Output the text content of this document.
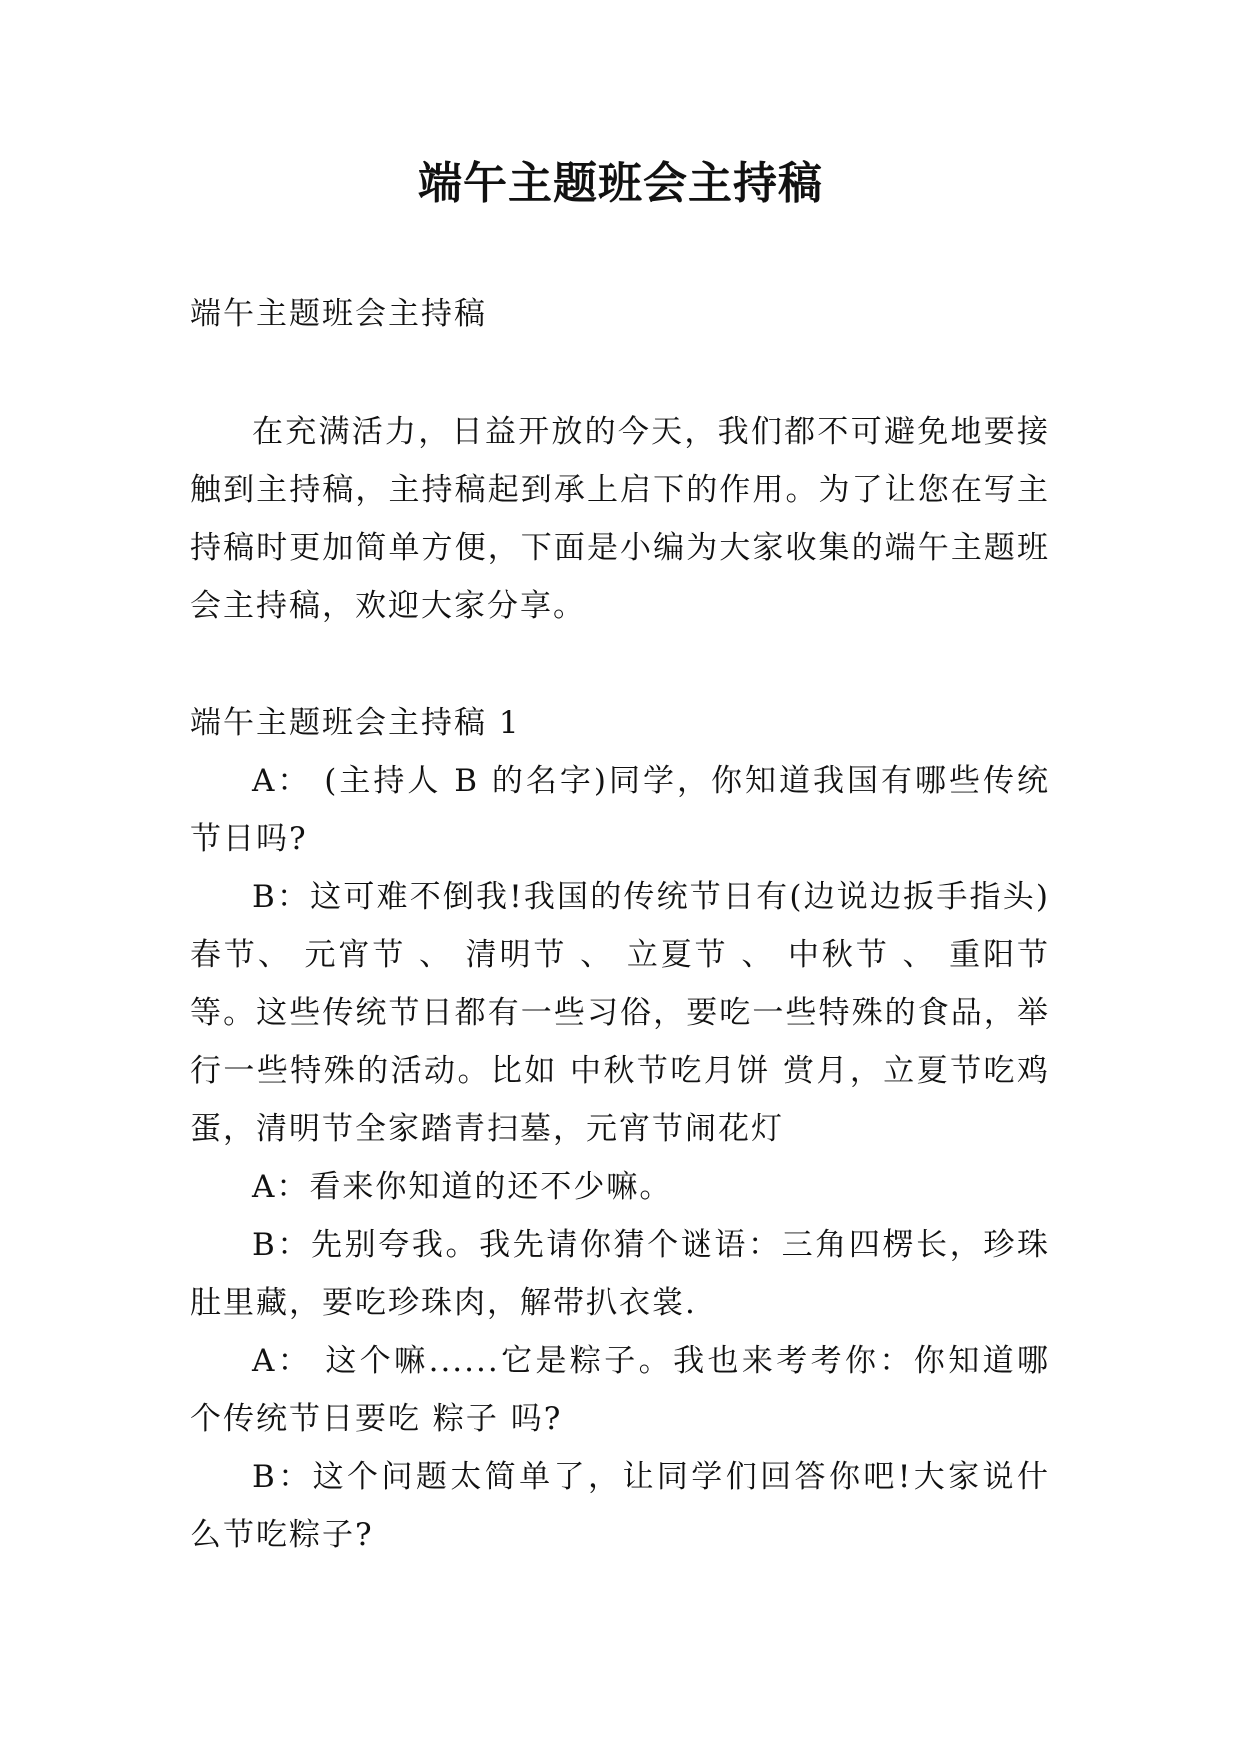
端午主题班会主持稿

端午主题班会主持稿

在充满活力，日益开放的今天，我们都不可避免地要接触到主持稿，主持稿起到承上启下的作用。为了让您在写主持稿时更加简单方便，下面是小编为大家收集的端午主题班会主持稿，欢迎大家分享。

端午主题班会主持稿 1

A： (主持人 B 的名字)同学，你知道我国有哪些传统节日吗?

B：这可难不倒我!我国的传统节日有(边说边扳手指头) 春节、 元宵节 、 清明节 、 立夏节 、 中秋节 、 重阳节 等。这些传统节日都有一些习俗，要吃一些特殊的食品，举行一些特殊的活动。比如 中秋节吃月饼 赏月，立夏节吃鸡蛋，清明节全家踏青扫墓，元宵节闹花灯

A：看来你知道的还不少嘛。

B：先别夸我。我先请你猜个谜语：三角四楞长，珍珠肚里藏，要吃珍珠肉，解带扒衣裳.

A： 这个嘛......它是粽子。我也来考考你：你知道哪个传统节日要吃 粽子 吗?

B：这个问题太简单了，让同学们回答你吧!大家说什么节吃粽子?
